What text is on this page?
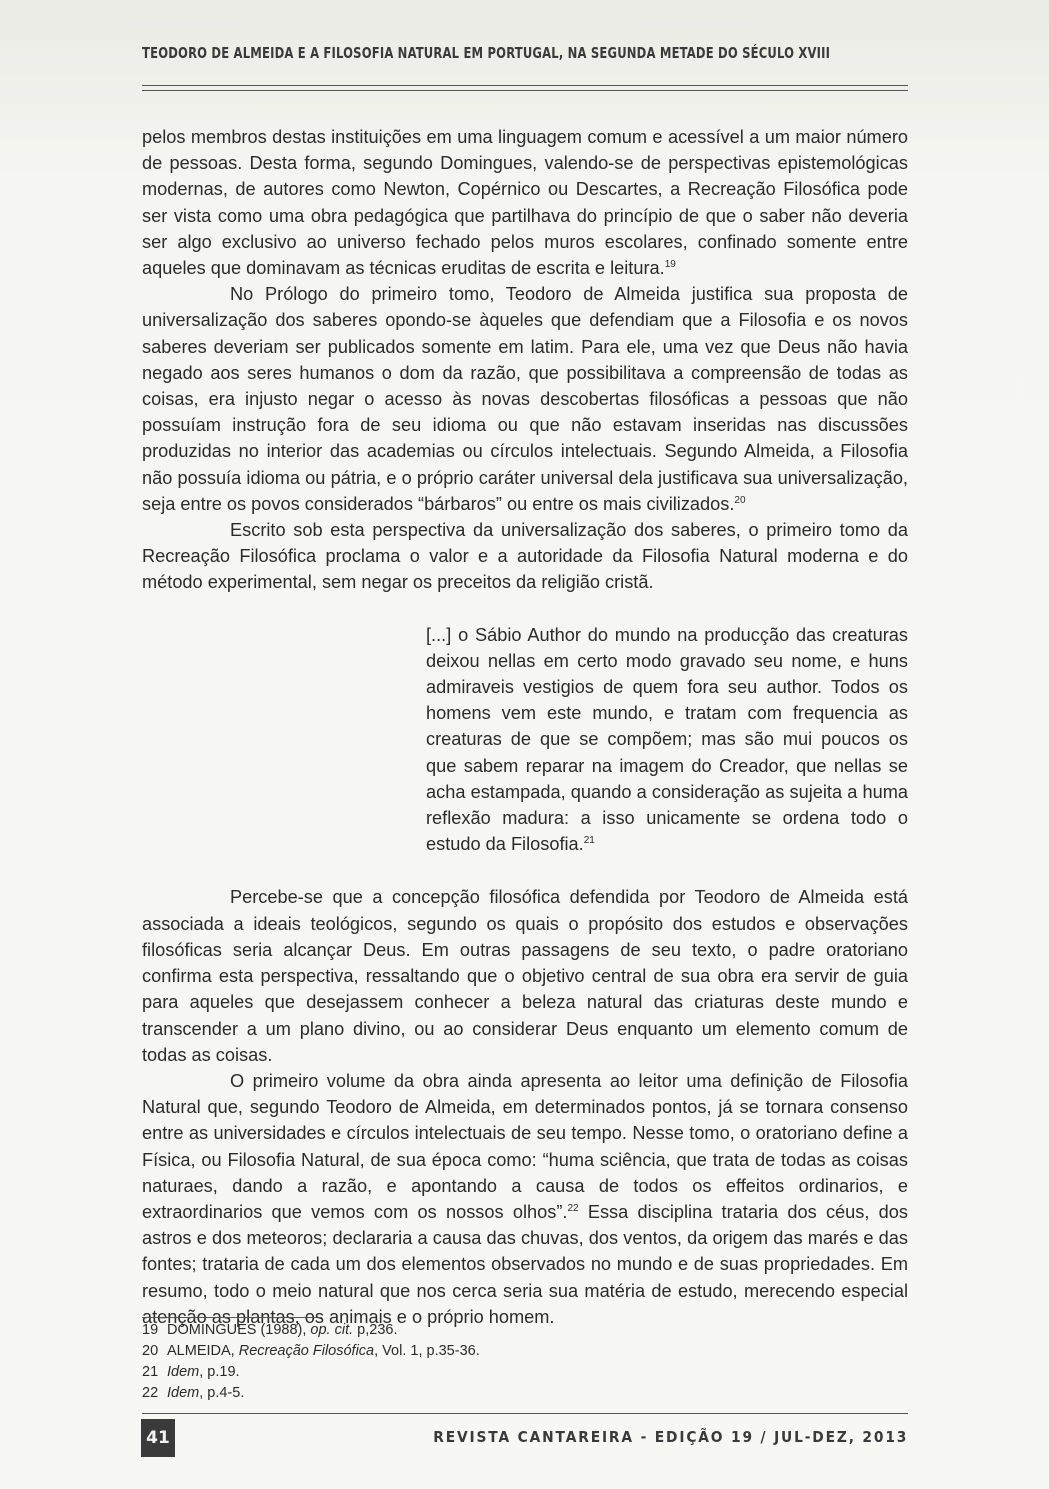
TEODORO DE ALMEIDA E A FILOSOFIA NATURAL EM PORTUGAL, NA SEGUNDA METADE DO SÉCULO XVIII

pelos membros destas instituições em uma linguagem comum e acessível a um maior número de pessoas. Desta forma, segundo Domingues, valendo-se de perspectivas epistemológicas modernas, de autores como Newton, Copérnico ou Descartes, a Recreação Filosófica pode ser vista como uma obra pedagógica que partilhava do princípio de que o saber não deveria ser algo exclusivo ao universo fechado pelos muros escolares, confinado somente entre aqueles que dominavam as técnicas eruditas de escrita e leitura.$^{19}$

No Prólogo do primeiro tomo, Teodoro de Almeida justifica sua proposta de universalização dos saberes opondo-se àqueles que defendiam que a Filosofia e os novos saberes deveriam ser publicados somente em latim. Para ele, uma vez que Deus não havia negado aos seres humanos o dom da razão, que possibilitava a compreensão de todas as coisas, era injusto negar o acesso às novas descobertas filosóficas a pessoas que não possuíam instrução fora de seu idioma ou que não estavam inseridas nas discussões produzidas no interior das academias ou círculos intelectuais. Segundo Almeida, a Filosofia não possuía idioma ou pátria, e o próprio caráter universal dela justificava sua universalização, seja entre os povos considerados “bárbaros” ou entre os mais civilizados.$^{20}$

Escrito sob esta perspectiva da universalização dos saberes, o primeiro tomo da Recreação Filosófica proclama o valor e a autoridade da Filosofia Natural moderna e do método experimental, sem negar os preceitos da religião cristã.

[...] o Sábio Author do mundo na producção das creaturas deixou nellas em certo modo gravado seu nome, e huns admiraveis vestigios de quem fora seu author. Todos os homens vem este mundo, e tratam com frequencia as creaturas de que se compõem; mas são mui poucos os que sabem reparar na imagem do Creador, que nellas se acha estampada, quando a consideração as sujeita a huma reflexão madura: a isso unicamente se ordena todo o estudo da Filosofia.$^{21}$

Percebe-se que a concepção filosófica defendida por Teodoro de Almeida está associada a ideais teológicos, segundo os quais o propósito dos estudos e observações filosóficas seria alcançar Deus. Em outras passagens de seu texto, o padre oratoriano confirma esta perspectiva, ressaltando que o objetivo central de sua obra era servir de guia para aqueles que desejassem conhecer a beleza natural das criaturas deste mundo e transcender a um plano divino, ou ao considerar Deus enquanto um elemento comum de todas as coisas.

O primeiro volume da obra ainda apresenta ao leitor uma definição de Filosofia Natural que, segundo Teodoro de Almeida, em determinados pontos, já se tornara consenso entre as universidades e círculos intelectuais de seu tempo. Nesse tomo, o oratoriano define a Física, ou Filosofia Natural, de sua época como: “huma sciência, que trata de todas as coisas naturaes, dando a razão, e apontando a causa de todos os effeitos ordinarios, e extraordinarios que vemos com os nossos olhos”.$^{22}$ Essa disciplina trataria dos céus, dos astros e dos meteoros; declararia a causa das chuvas, dos ventos, da origem das marés e das fontes; trataria de cada um dos elementos observados no mundo e de suas propriedades. Em resumo, todo o meio natural que nos cerca seria sua matéria de estudo, merecendo especial atenção as plantas, os animais e o próprio homem.

19 DOMINGUES (1988), op. cit. p,236.
20 ALMEIDA, Recreação Filosófica, Vol. 1, p.35-36.
21 Idem, p.19.
22 Idem, p.4-5.
41	REVISTA CANTAREIRA - EDIÇÃO 19 / JUL-DEZ, 2013
